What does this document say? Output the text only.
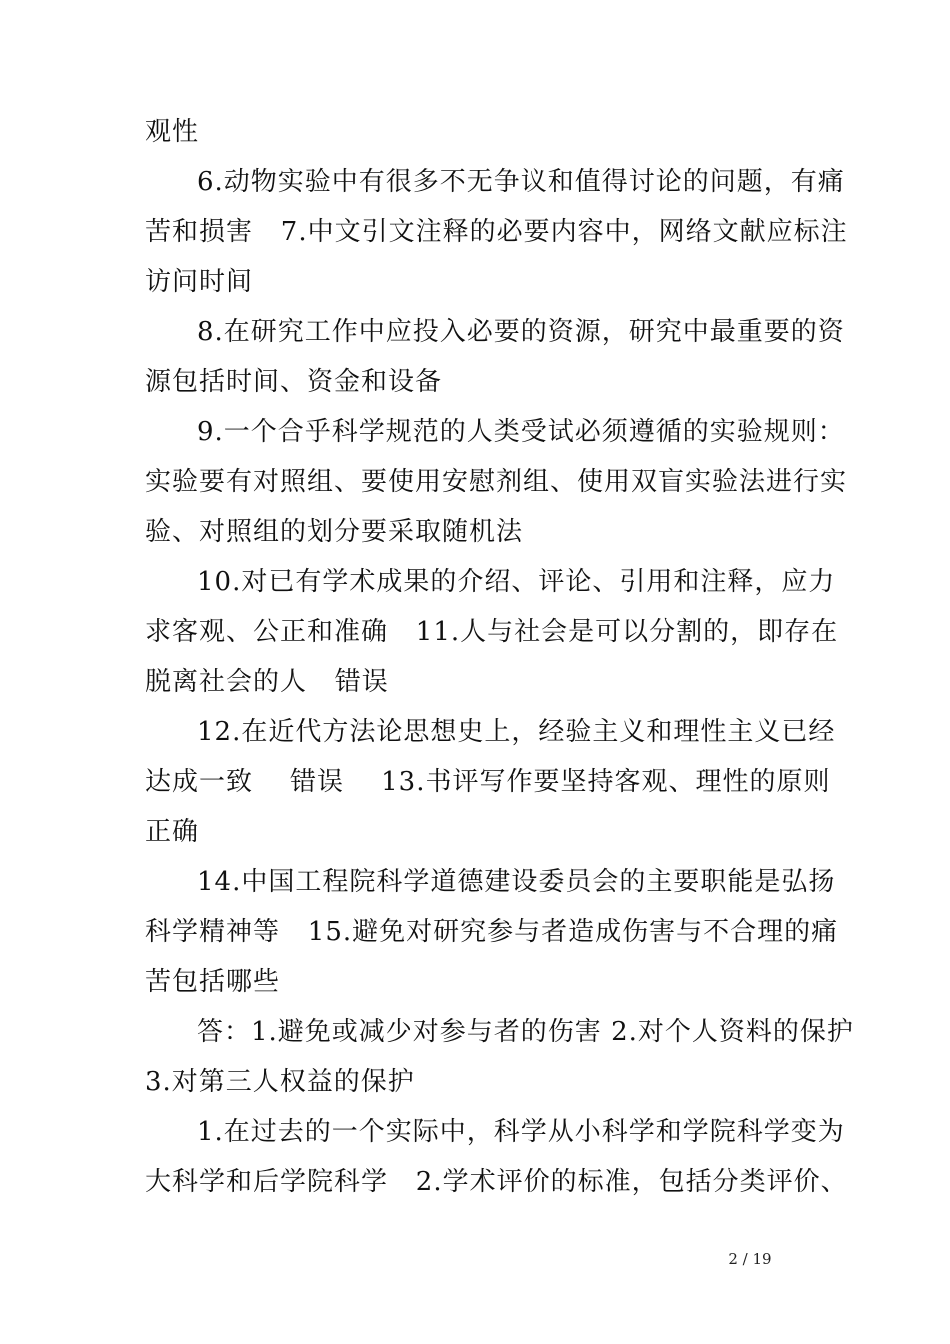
观性
6.动物实验中有很多不无争议和值得讨论的问题，有痛
苦和损害   7.中文引文注释的必要内容中，网络文献应标注
访问时间
8.在研究工作中应投入必要的资源，研究中最重要的资
源包括时间、资金和设备
9.一个合乎科学规范的人类受试必须遵循的实验规则：
实验要有对照组、要使用安慰剂组、使用双盲实验法进行实
验、对照组的划分要采取随机法
10.对已有学术成果的介绍、评论、引用和注释，应力
求客观、公正和准确   11.人与社会是可以分割的，即存在
脱离社会的人   错误
12.在近代方法论思想史上，经验主义和理性主义已经
达成一致    错误    13.书评写作要坚持客观、理性的原则
正确
14.中国工程院科学道德建设委员会的主要职能是弘扬
科学精神等   15.避免对研究参与者造成伤害与不合理的痛
苦包括哪些
答：1.避免或减少对参与者的伤害 2.对个人资料的保护
3.对第三人权益的保护
1.在过去的一个实际中，科学从小科学和学院科学变为
大科学和后学院科学   2.学术评价的标准，包括分类评价、
2 / 19
